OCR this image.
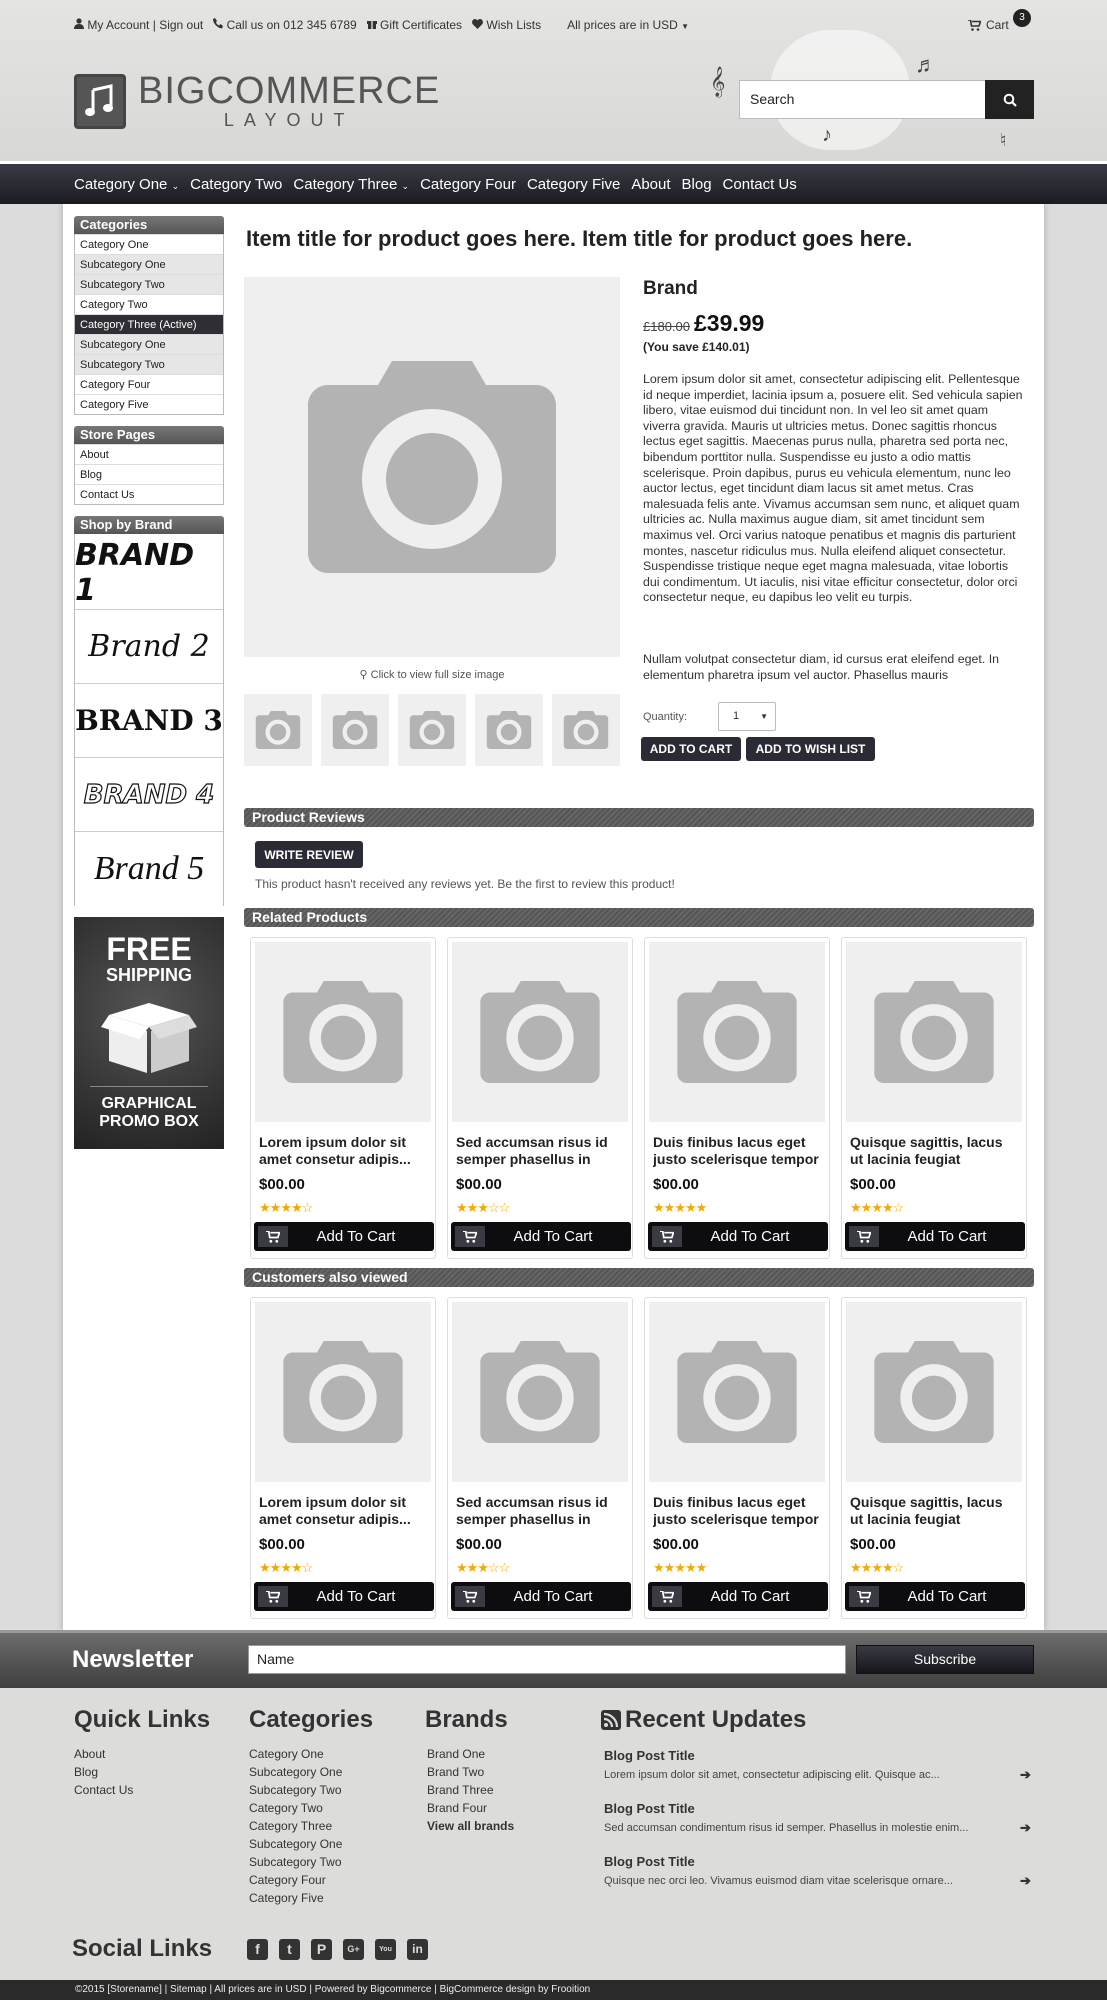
My Account | Sign out	Call us on 012 345 6789	Gift Certificates	Wish Lists All prices are in USD ▼	Cart
3
BIGCOMMERCE
LAYOUT
𝄞
♬
♪	♮
Search
Category One ⌄ Category Two Category Three ⌄ Category Four Category Five About Blog Contact Us
Categories
Category One
Subcategory One
Subcategory Two
Category Two
Category Three (Active)
Subcategory One
Subcategory Two
Category Four
Category Five
Store Pages
About
Blog
Contact Us
Shop by Brand
BRAND 1
Brand 2
BRAND 3
BRAND 4
Brand 5
FREE
SHIPPING
GRAPHICAL
PROMO BOX
Item title for product goes here. Item title for product goes here.
⚲ Click to view full size image
Brand
£180.00 £39.99
(You save £140.01)
Lorem ipsum dolor sit amet, consectetur adipiscing elit. Pellentesque id neque imperdiet, lacinia ipsum a, posuere elit. Sed vehicula sapien libero, vitae euismod dui tincidunt non. In vel leo sit amet quam viverra gravida. Mauris ut ultricies metus. Donec sagittis rhoncus lectus eget sagittis. Maecenas purus nulla, pharetra sed porta nec, bibendum porttitor nulla. Suspendisse eu justo a odio mattis scelerisque. Proin dapibus, purus eu vehicula elementum, nunc leo auctor lectus, eget tincidunt diam lacus sit amet metus. Cras malesuada felis ante. Vivamus accumsan sem nunc, et aliquet quam ultricies ac. Nulla maximus augue diam, sit amet tincidunt sem maximus vel. Orci varius natoque penatibus et magnis dis parturient montes, nascetur ridiculus mus. Nulla eleifend aliquet consectetur. Suspendisse tristique neque eget magna malesuada, vitae lobortis dui condimentum. Ut iaculis, nisi vitae efficitur consectetur, dolor orci consectetur neque, eu dapibus leo velit eu turpis.
Nullam volutpat consectetur diam, id cursus erat eleifend eget. In elementum pharetra ipsum vel auctor. Phasellus mauris
Quantity:	1	▼
ADD TO CART	ADD TO WISH LIST
Product Reviews
WRITE REVIEW
This product hasn't received any reviews yet. Be the first to review this product!
Related Products
Lorem ipsum dolor sit amet consetur adipis...
$00.00
★★★★☆
Add To Cart
Sed accumsan risus id semper phasellus in
$00.00
★★★☆☆
Add To Cart
Duis finibus lacus eget justo scelerisque tempor
$00.00
★★★★★
Add To Cart
Quisque sagittis, lacus ut lacinia feugiat
$00.00
★★★★☆
Add To Cart
Customers also viewed
Lorem ipsum dolor sit amet consetur adipis...
$00.00
★★★★☆
Add To Cart
Sed accumsan risus id semper phasellus in
$00.00
★★★☆☆
Add To Cart
Duis finibus lacus eget justo scelerisque tempor
$00.00
★★★★★
Add To Cart
Quisque sagittis, lacus ut lacinia feugiat
$00.00
★★★★☆
Add To Cart
Newsletter	Name	Subscribe
Quick Links
About
Blog
Contact Us
Categories
Category One
Subcategory One
Subcategory Two
Category Two
Category Three
Subcategory One
Subcategory Two
Category Four
Category Five
Brands
Brand One
Brand Two
Brand Three
Brand Four
View all brands
Recent Updates
Blog Post Title
Lorem ipsum dolor sit amet, consectetur adipiscing elit. Quisque ac...	➔
Blog Post Title
Sed accumsan condimentum risus id semper. Phasellus in molestie enim...	➔
Blog Post Title
Quisque nec orci leo. Vivamus euismod diam vitae scelerisque ornare...	➔
Social Links	f	t	P	G+	You	in
©2015 [Storename] | Sitemap | All prices are in USD | Powered by Bigcommerce | BigCommerce design by Frooition
